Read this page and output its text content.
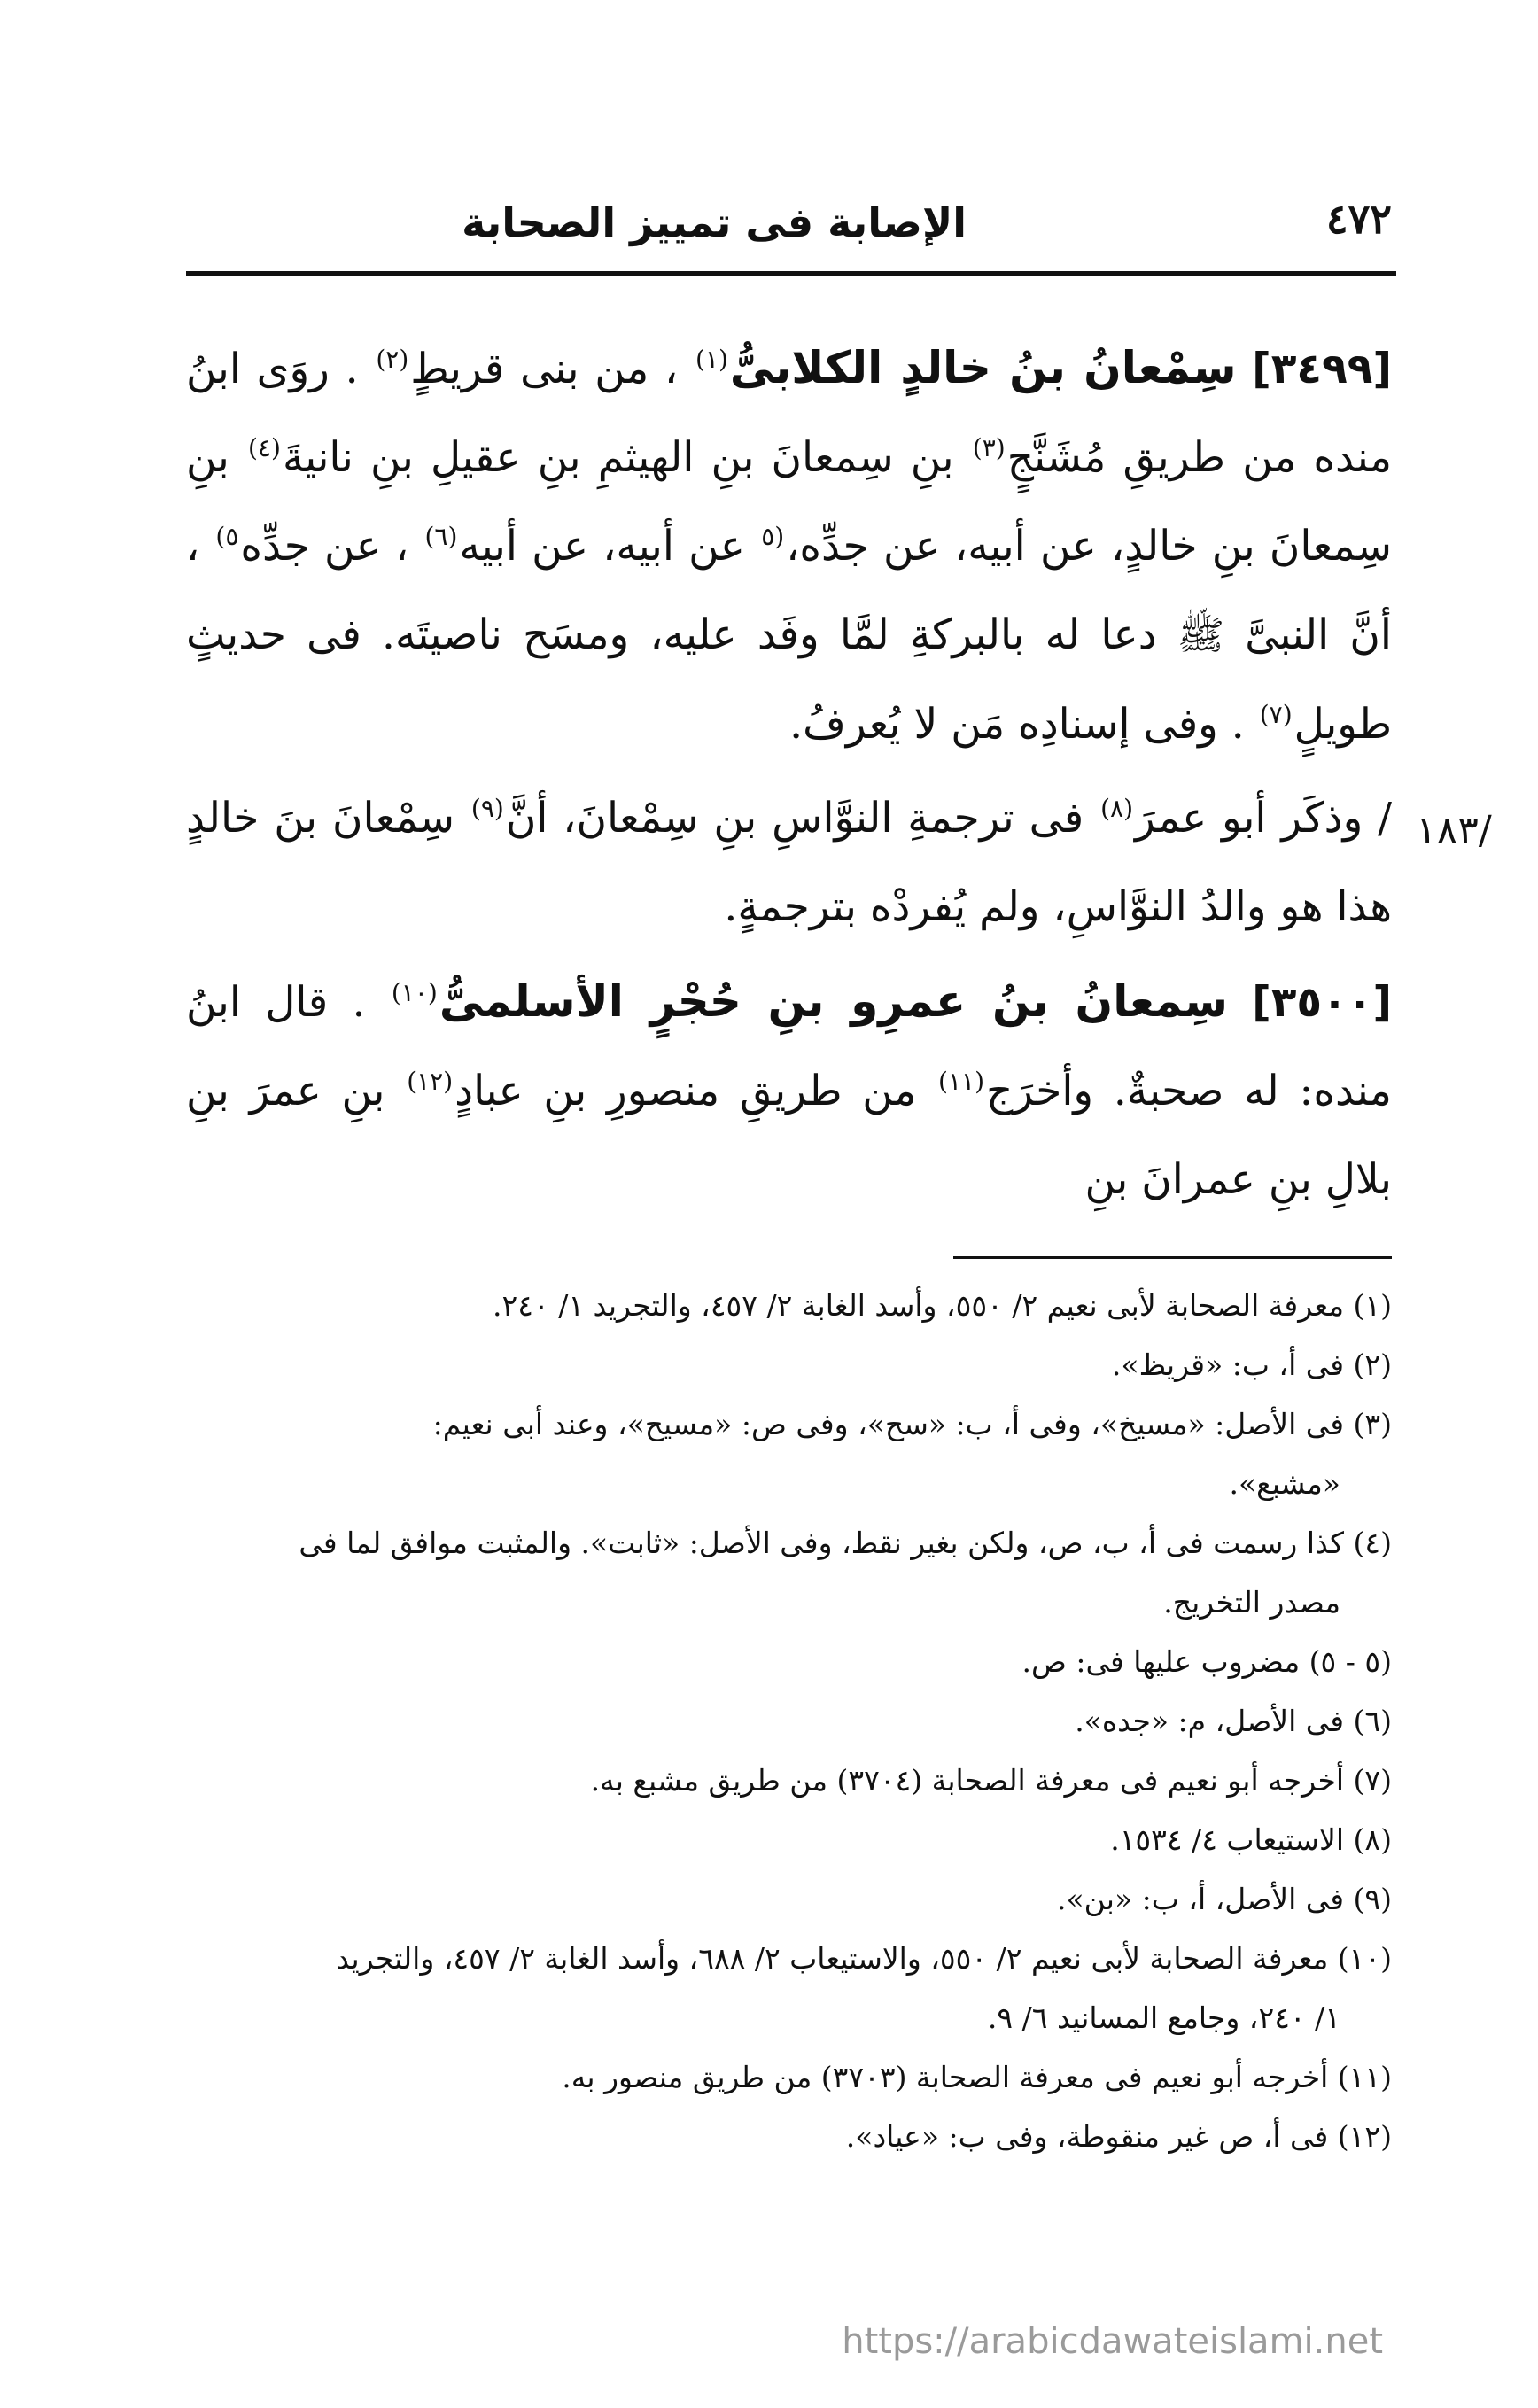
٤٧٢
الإصابة فى تمييز الصحابة
/١٨٣

[٣٤٩٩] سِمْعانُ بنُ خالدٍ الكلابىُّ$^{(١)}$ ، من بنى قريطٍ$^{(٢)}$ . روَى ابنُ منده من طريقِ مُشَنَّجٍ$^{(٣)}$ بنِ سِمعانَ بنِ الهيثمِ بنِ عقيلِ بنِ نانيةَ$^{(٤)}$ بنِ سِمعانَ بنِ خالدٍ، عن أبيه، عن جدِّه،$^{(٥}$ عن أبيه، عن أبيه$^{(٦)}$ ، عن جدِّه$^{٥)}$ ، أنَّ النبىَّ ﷺ دعا له بالبركةِ لمَّا وفَد عليه، ومسَح ناصيتَه. فى حديثٍ طويلٍ$^{(٧)}$ . وفى إسنادِه مَن لا يُعرفُ.

/ وذكَر أبو عمرَ$^{(٨)}$ فى ترجمةِ النوَّاسِ بنِ سِمْعانَ، أنَّ$^{(٩)}$ سِمْعانَ بنَ خالدٍ هذا هو والدُ النوَّاسِ، ولم يُفردْه بترجمةٍ.

[٣٥٠٠] سِمعانُ بنُ عمرِو بنِ حُجْرٍ الأسلمىُّ$^{(١٠)}$ . قال ابنُ منده: له صحبةٌ. وأخرَج$^{(١١)}$ من طريقِ منصورِ بنِ عبادٍ$^{(١٢)}$ بنِ عمرَ بنِ بلالِ بنِ عمرانَ بنِ

(١) معرفة الصحابة لأبى نعيم ٢/ ٥٥٠، وأسد الغابة ٢/ ٤٥٧، والتجريد ١/ ٢٤٠.

(٢) فى أ، ب: «قريظ».

(٣) فى الأصل: «مسيخ»، وفى أ، ب: «سح»، وفى ص: «مسيح»، وعند أبى نعيم:
«مشبع».

(٤) كذا رسمت فى أ، ب، ص، ولكن بغير نقط، وفى الأصل: «ثابت». والمثبت موافق لما فى
مصدر التخريج.

(٥ - ٥) مضروب عليها فى: ص.

(٦) فى الأصل، م: «جده».

(٧) أخرجه أبو نعيم فى معرفة الصحابة (٣٧٠٤) من طريق مشبع به.

(٨) الاستيعاب ٤/ ١٥٣٤.

(٩) فى الأصل، أ، ب: «بن».

(١٠) معرفة الصحابة لأبى نعيم ٢/ ٥٥٠، والاستيعاب ٢/ ٦٨٨، وأسد الغابة ٢/ ٤٥٧، والتجريد
١/ ٢٤٠، وجامع المسانيد ٦/ ٩.

(١١) أخرجه أبو نعيم فى معرفة الصحابة (٣٧٠٣) من طريق منصور به.

(١٢) فى أ، ص غير منقوطة، وفى ب: «عياد».

https://arabicdawateislami.net
